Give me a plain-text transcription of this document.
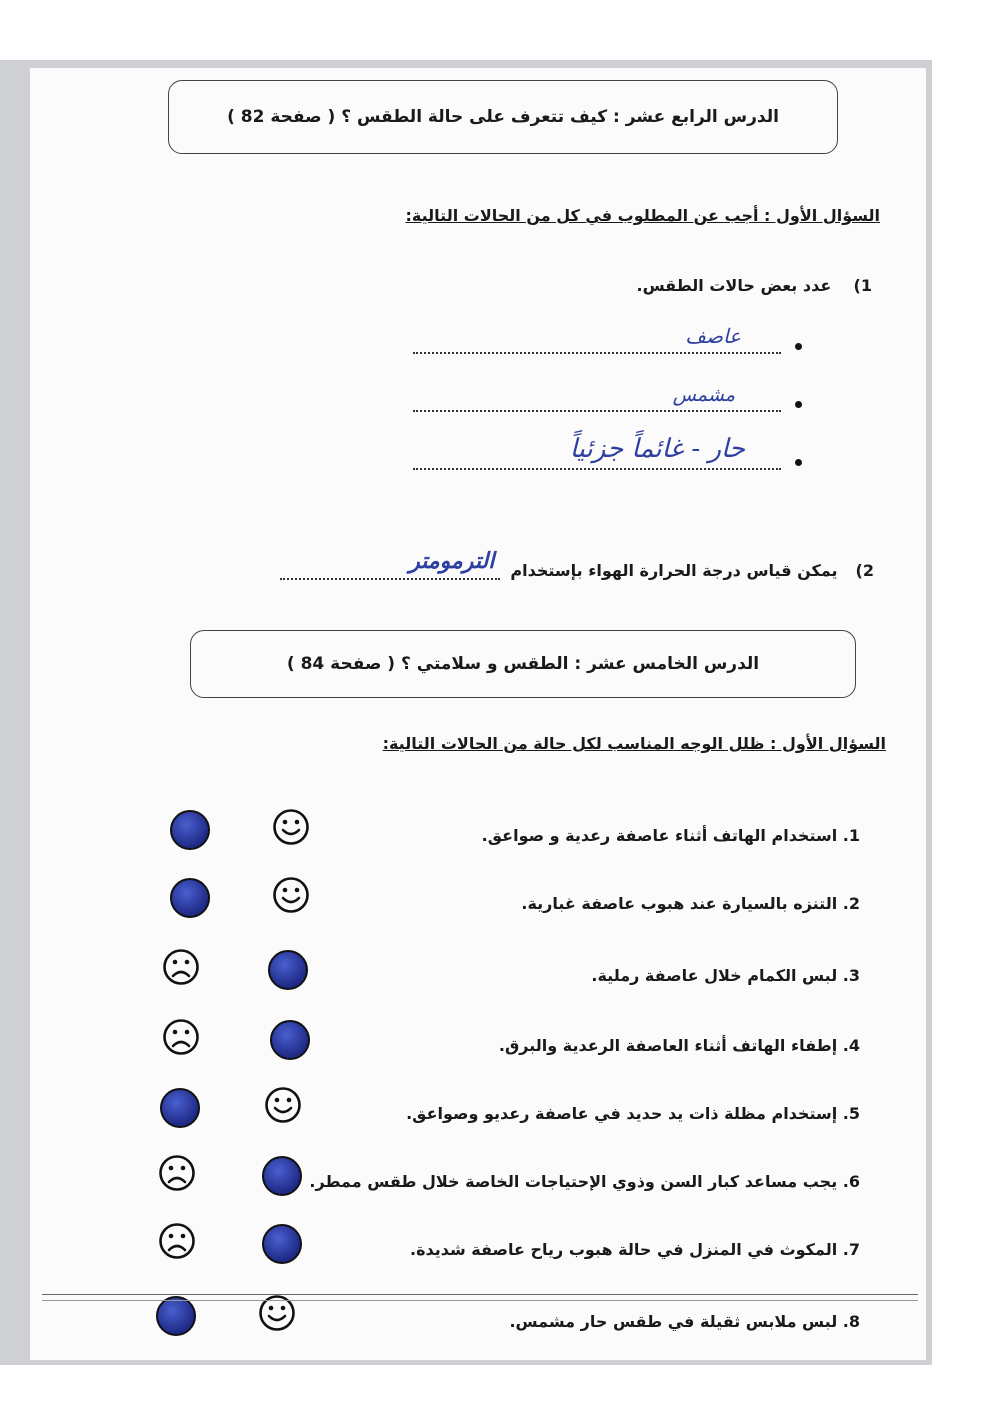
الدرس الرابع عشر : كيف تتعرف على حالة الطقس ؟ ( صفحة 82 )
السؤال الأول : أجب عن المطلوب في كل من الحالات التالية:
1)    عدد بعض حالات الطقس.
عاصف
مشمس
حار - غائماً جزئياً
2)
يمكن قياس درجة الحرارة الهواء بإستخدام
الترمومتر
الدرس الخامس عشر : الطقس و سلامتي ؟ ( صفحة 84 )
السؤال الأول : ظلل الوجه المناسب لكل حالة من الحالات التالية:
1. استخدام الهاتف أثناء عاصفة رعدية و صواعق.
2. التنزه بالسيارة عند هبوب عاصفة غبارية.
3. لبس الكمام خلال عاصفة رملية.
4. إطفاء الهاتف أثناء العاصفة الرعدية والبرق.
5. إستخدام مظلة ذات يد حديد في عاصفة رعديو وصواعق.
6. يجب مساعد كبار السن وذوي الإحتياجات الخاصة خلال طقس ممطر.
7. المكوث في المنزل في حالة هبوب رياح عاصفة شديدة.
8. لبس ملابس ثقيلة في طقس حار مشمس.
